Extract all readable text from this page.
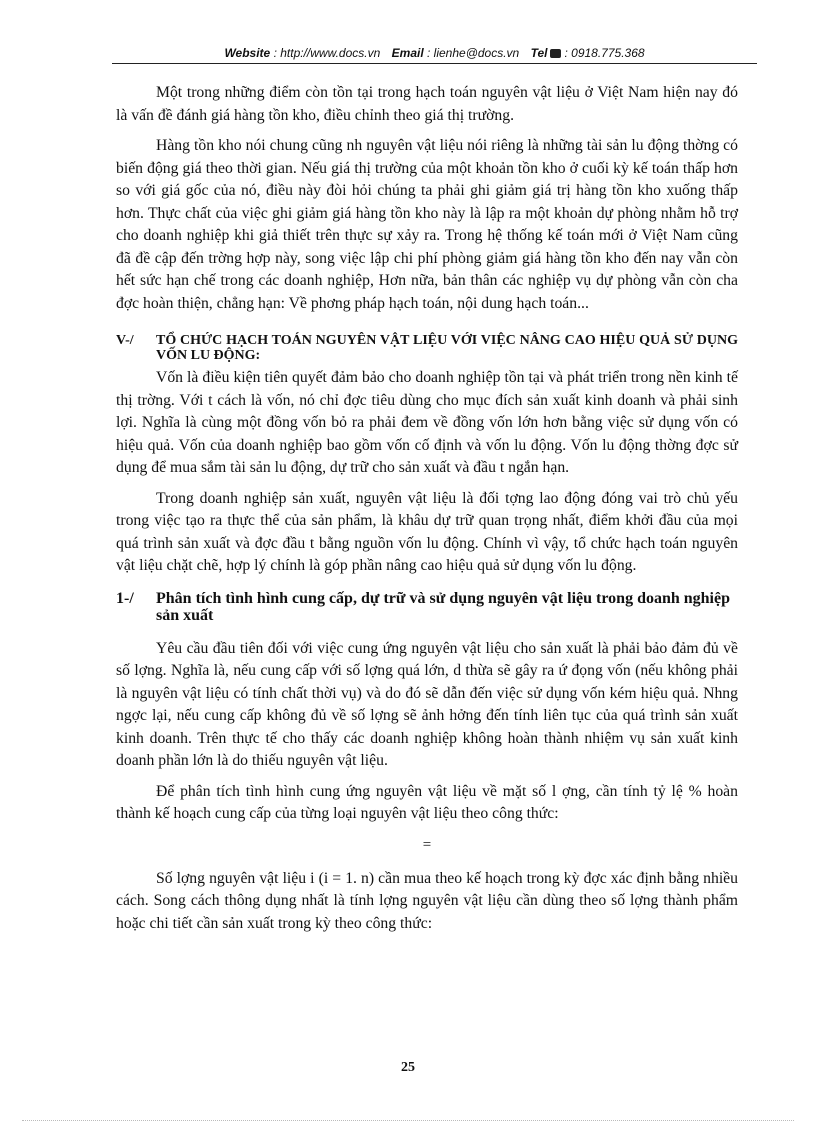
Website : http://www.docs.vn Email : lienhe@docs.vn Tel : 0918.775.368

Một trong những điểm còn tồn tại trong hạch toán nguyên vật liệu ở Việt Nam hiện nay đó là vấn đề đánh giá hàng tồn kho, điều chỉnh theo giá thị trường.

Hàng tồn kho nói chung cũng nh nguyên vật liệu nói riêng là những tài sản lu động thờng có biến động giá theo thời gian. Nếu giá thị trường của một khoản tồn kho ở cuối kỳ kế toán thấp hơn so với giá gốc của nó, điều này đòi hỏi chúng ta phải ghi giảm giá trị hàng tồn kho xuống thấp hơn. Thực chất của việc ghi giảm giá hàng tồn kho này là lập ra một khoản dự phòng nhằm hỗ trợ cho doanh nghiệp khi giả thiết trên thực sự xảy ra. Trong hệ thống kế toán mới ở Việt Nam cũng đã đề cập đến trờng hợp này, song việc lập chi phí phòng giảm giá hàng tồn kho đến nay vẫn còn hết sức hạn chế trong các doanh nghiệp, Hơn nữa, bản thân các nghiệp vụ dự phòng vẫn còn cha đợc hoàn thiện, chẳng hạn: Về phơng pháp hạch toán, nội dung hạch toán...

V-/	TỔ CHỨC HẠCH TOÁN NGUYÊN VẬT LIỆU VỚI VIỆC NÂNG CAO HIỆU QUẢ SỬ DỤNG VỐN LU ĐỘNG:

Vốn là điều kiện tiên quyết đảm bảo cho doanh nghiệp tồn tại và phát triển trong nền kinh tế thị trờng. Với t cách là vốn, nó chỉ đợc tiêu dùng cho mục đích sản xuất kinh doanh và phải sinh lợi. Nghĩa là cùng một đồng vốn bỏ ra phải đem về đồng vốn lớn hơn bằng việc sử dụng vốn có hiệu quả. Vốn của doanh nghiệp bao gồm vốn cố định và vốn lu động. Vốn lu động thờng đợc sử dụng để mua sắm tài sản lu động, dự trữ cho sản xuất và đầu t ngắn hạn.

Trong doanh nghiệp sản xuất, nguyên vật liệu là đối tợng lao động đóng vai trò chủ yếu trong việc tạo ra thực thể của sản phẩm, là khâu dự trữ quan trọng nhất, điểm khởi đầu của mọi quá trình sản xuất và đợc đầu t bằng nguồn vốn lu động. Chính vì vậy, tổ chức hạch toán nguyên vật liệu chặt chẽ, hợp lý chính là góp phần nâng cao hiệu quả sử dụng vốn lu động.

1-/	Phân tích tình hình cung cấp, dự trữ và sử dụng nguyên vật liệu trong doanh nghiệp sản xuất

Yêu cầu đầu tiên đối với việc cung ứng nguyên vật liệu cho sản xuất là phải bảo đảm đủ về số lợng. Nghĩa là, nếu cung cấp với số lợng quá lớn, d thừa sẽ gây ra ứ đọng vốn (nếu không phải là nguyên vật liệu có tính chất thời vụ) và do đó sẽ dẫn đến việc sử dụng vốn kém hiệu quả. Nhng ngợc lại, nếu cung cấp không đủ về số lợng sẽ ảnh hởng đến tính liên tục của quá trình sản xuất kinh doanh. Trên thực tế cho thấy các doanh nghiệp không hoàn thành nhiệm vụ sản xuất kinh doanh phần lớn là do thiếu nguyên vật liệu.

Để phân tích tình hình cung ứng nguyên vật liệu về mặt số l ợng, cần tính tỷ lệ % hoàn thành kế hoạch cung cấp của từng loại nguyên vật liệu theo công thức:

=

Số lợng nguyên vật liệu i (i = 1. n) cần mua theo kế hoạch trong kỳ đợc xác định bằng nhiều cách. Song cách thông dụng nhất là tính lợng nguyên vật liệu cần dùng theo số lợng thành phẩm hoặc chi tiết cần sản xuất trong kỳ theo công thức:

25
